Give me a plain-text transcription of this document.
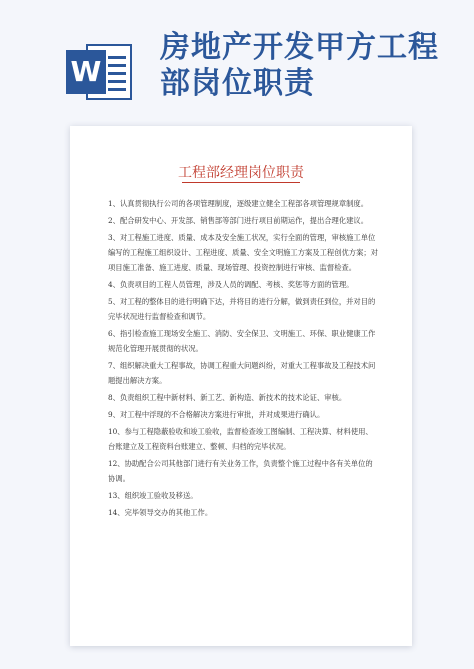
W
房地产开发甲方工程部岗位职责
工程部经理岗位职责

1、认真贯彻执行公司的各项管理制度，逐级建立健全工程部各项管理规章制度。

2、配合研发中心、开发部、销售部等部门进行项目前期运作，提出合理化建议。

3、对工程施工进度、质量、成本及安全施工状况，实行全面的管理，审核施工单位编写的工程施工组织设计、工程进度、质量、安全文明施工方案及工程创优方案；对项目施工准备、施工进度、质量、现场管理、投资控制进行审核、监督检查。

4、负责项目的工程人员管理，涉及人员的调配、考核、奖惩等方面的管理。

5、对工程的整体目的进行明确下达，并将目的进行分解，做到责任到位，并对目的完毕状况进行监督检查和调节。

6、指引检查施工现场安全施工、消防、安全保卫、文明施工、环保、职业健康工作规范化管理开展贯彻的状况。

7、组织解决重大工程事故，协调工程重大问题纠纷，对重大工程事故及工程技术问题提出解决方案。

8、负责组织工程中新材料、新工艺、新构造、新技术的技术论证、审核。

9、对工程中浮现的不合格解决方案进行审批，并对成果进行确认。

10、参与工程隐蔽验收和竣工验收，监督检查竣工图编制、工程决算、材料使用、台账建立及工程资料台账建立、整顿、归档的完毕状况。

12、协助配合公司其他部门进行有关业务工作，负责整个施工过程中各有关单位的协调。

13、组织竣工验收及移送。

14、完毕领导交办的其他工作。
